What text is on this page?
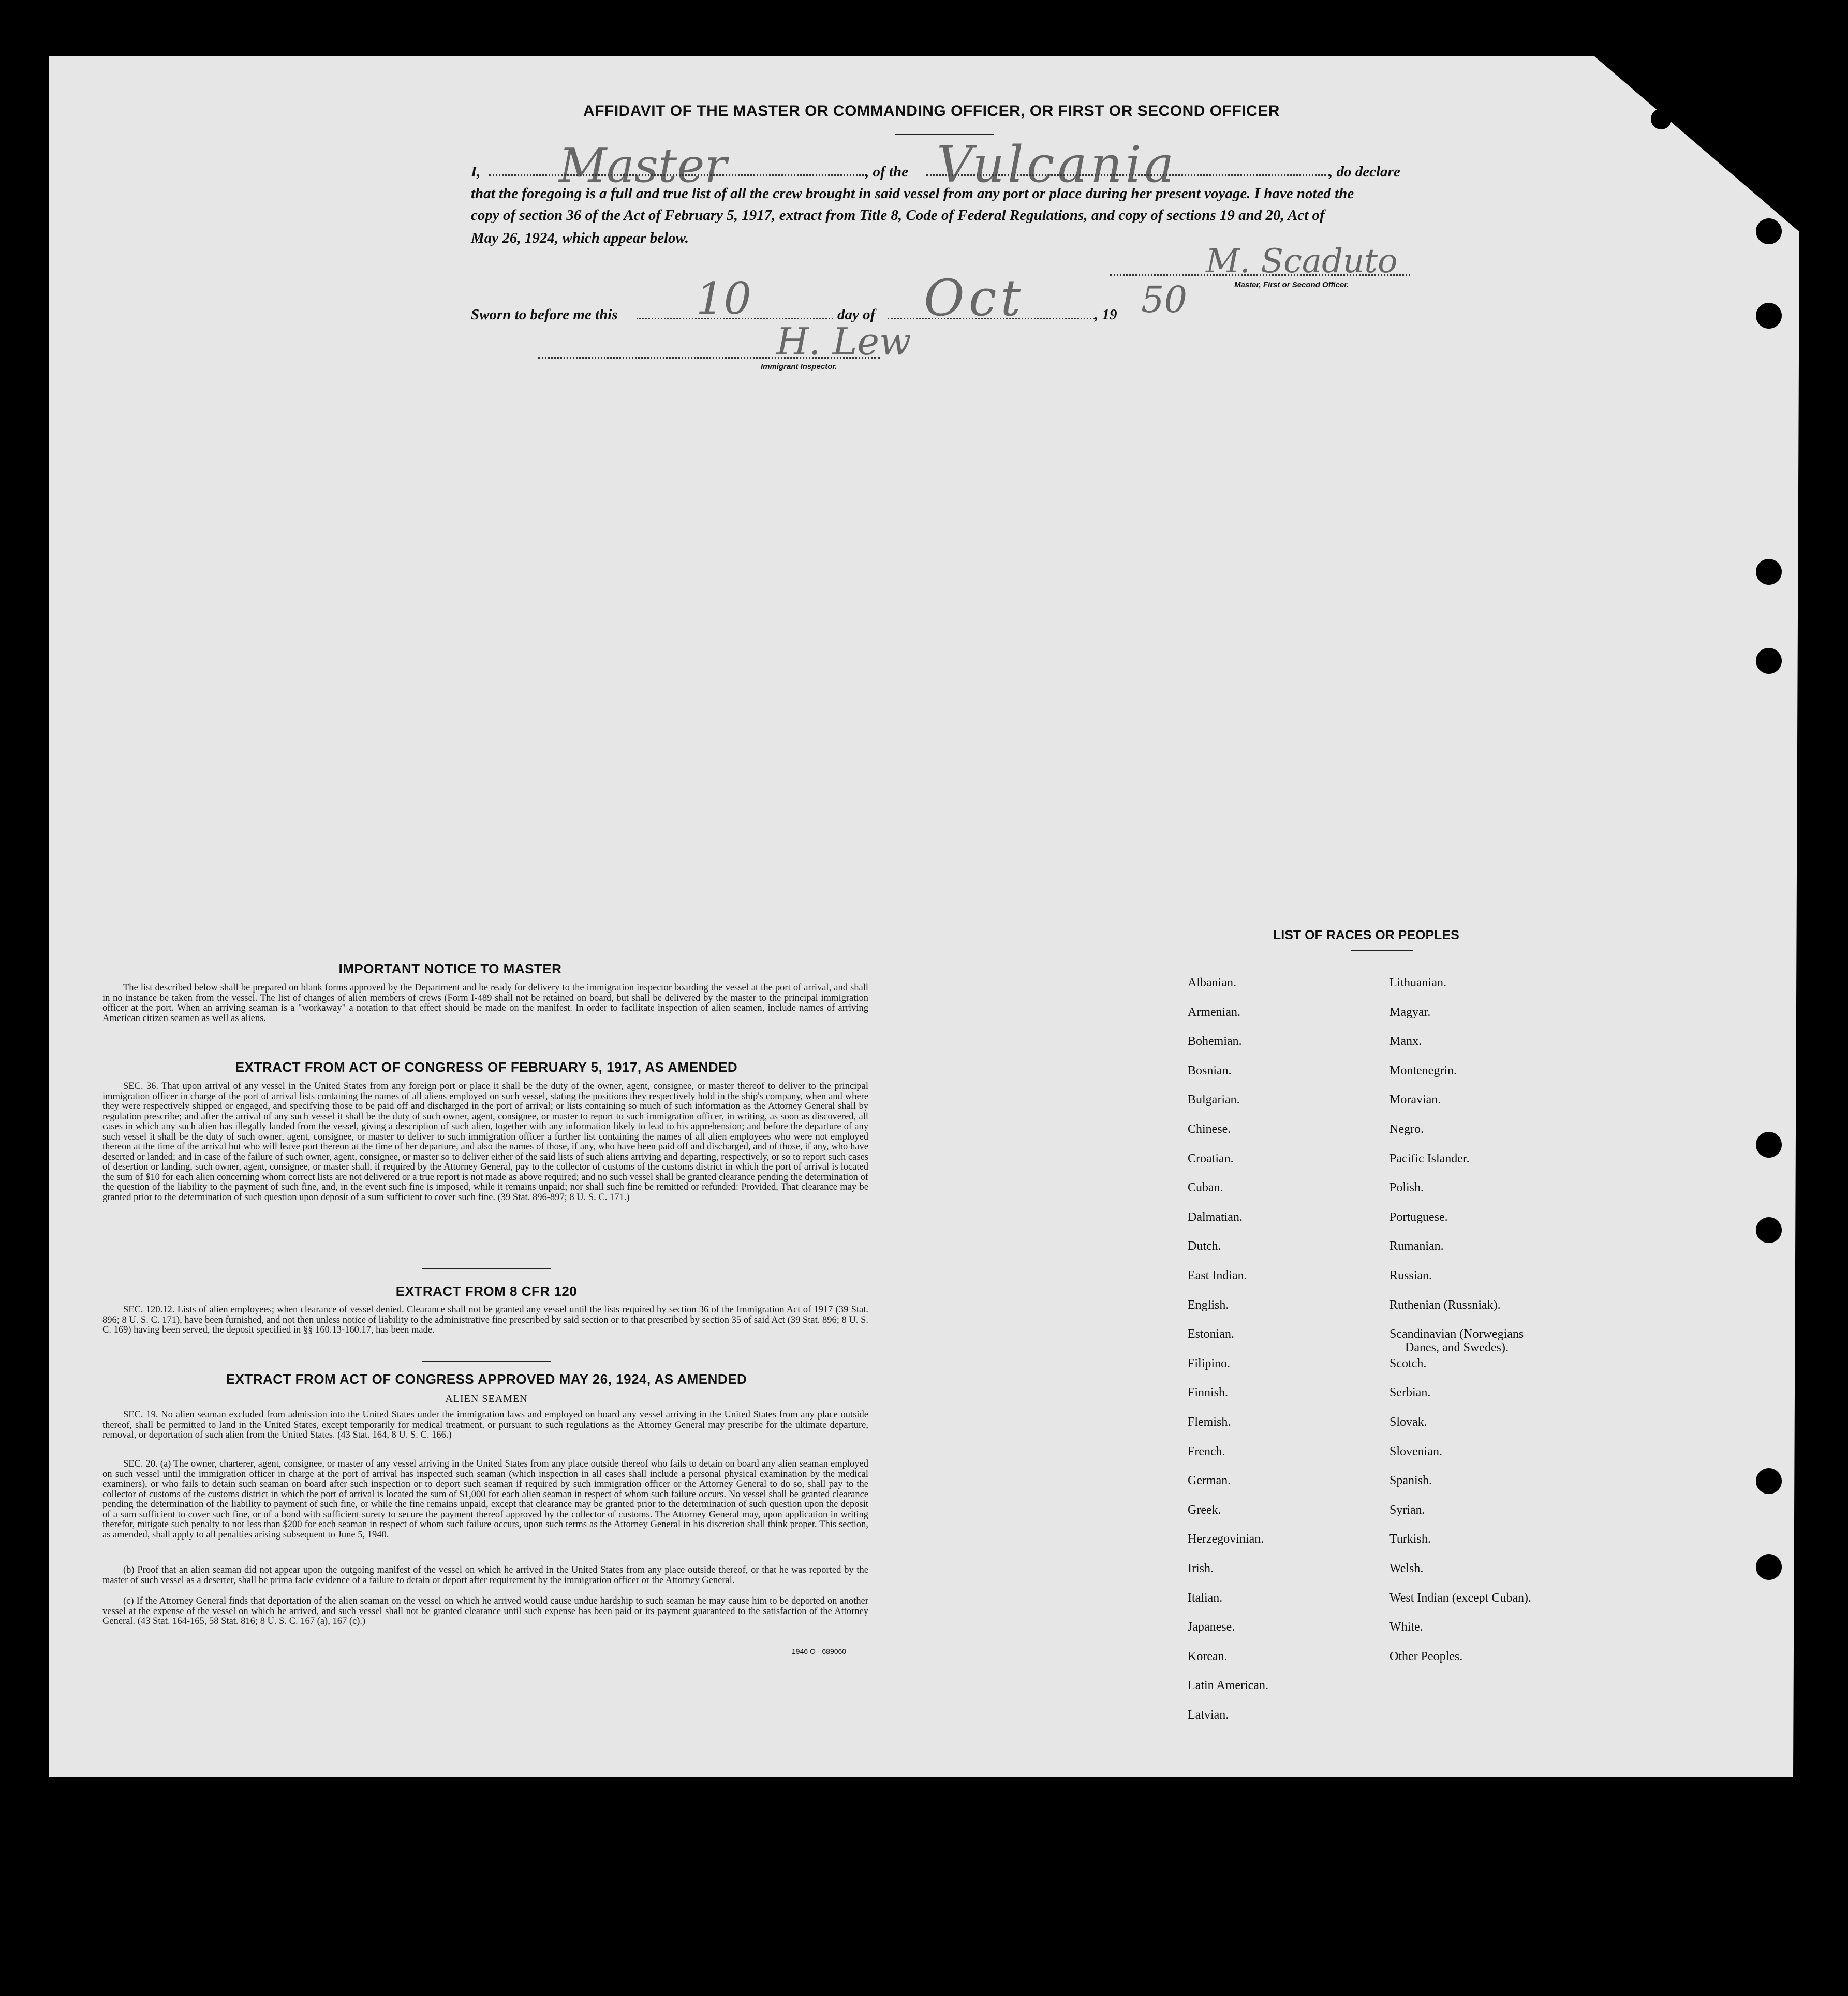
AFFIDAVIT OF THE MASTER OR COMMANDING OFFICER, OR FIRST OR SECOND OFFICER
I, Master	, of the Vulcania	, do declare
that the foregoing is a full and true list of all the crew brought in said vessel from any port or place during her present voyage. I have noted the
copy of section 36 of the Act of February 5, 1917, extract from Title 8, Code of Federal Regulations, and copy of sections 19 and 20, Act of
May 26, 1924, which appear below.
M. Scaduto
Master, First or Second Officer.
Sworn to before me this 10	day of Oct	, 19 50
H. Lew
Immigrant Inspector.
IMPORTANT NOTICE TO MASTER
The list described below shall be prepared on blank forms approved by the Department and be ready for delivery to the immigration inspector boarding the vessel at the port of arrival, and shall in no instance be taken from the vessel. The list of changes of alien members of crews (Form I-489 shall not be retained on board, but shall be delivered by the master to the principal immigration officer at the port. When an arriving seaman is a "workaway" a notation to that effect should be made on the manifest. In order to facilitate inspection of alien seamen, include names of arriving American citizen seamen as well as aliens.
EXTRACT FROM ACT OF CONGRESS OF FEBRUARY 5, 1917, AS AMENDED
SEC. 36. That upon arrival of any vessel in the United States from any foreign port or place it shall be the duty of the owner, agent, consignee, or master thereof to deliver to the principal immigration officer in charge of the port of arrival lists containing the names of all aliens employed on such vessel, stating the positions they respectively hold in the ship's company, when and where they were respectively shipped or engaged, and specifying those to be paid off and discharged in the port of arrival; or lists containing so much of such information as the Attorney General shall by regulation prescribe; and after the arrival of any such vessel it shall be the duty of such owner, agent, consignee, or master to report to such immigration officer, in writing, as soon as discovered, all cases in which any such alien has illegally landed from the vessel, giving a description of such alien, together with any information likely to lead to his apprehension; and before the departure of any such vessel it shall be the duty of such owner, agent, consignee, or master to deliver to such immigration officer a further list containing the names of all alien employees who were not employed thereon at the time of the arrival but who will leave port thereon at the time of her departure, and also the names of those, if any, who have been paid off and discharged, and of those, if any, who have deserted or landed; and in case of the failure of such owner, agent, consignee, or master so to deliver either of the said lists of such aliens arriving and departing, respectively, or so to report such cases of desertion or landing, such owner, agent, consignee, or master shall, if required by the Attorney General, pay to the collector of customs of the customs district in which the port of arrival is located the sum of $10 for each alien concerning whom correct lists are not delivered or a true report is not made as above required; and no such vessel shall be granted clearance pending the determination of the question of the liability to the payment of such fine, and, in the event such fine is imposed, while it remains unpaid; nor shall such fine be remitted or refunded: Provided, That clearance may be granted prior to the determination of such question upon deposit of a sum sufficient to cover such fine. (39 Stat. 896-897; 8 U. S. C. 171.)
EXTRACT FROM 8 CFR 120
SEC. 120.12. Lists of alien employees; when clearance of vessel denied. Clearance shall not be granted any vessel until the lists required by section 36 of the Immigration Act of 1917 (39 Stat. 896; 8 U. S. C. 171), have been furnished, and not then unless notice of liability to the administrative fine prescribed by said section or to that prescribed by section 35 of said Act (39 Stat. 896; 8 U. S. C. 169) having been served, the deposit specified in §§ 160.13-160.17, has been made.
EXTRACT FROM ACT OF CONGRESS APPROVED MAY 26, 1924, AS AMENDED
ALIEN SEAMEN
SEC. 19. No alien seaman excluded from admission into the United States under the immigration laws and employed on board any vessel arriving in the United States from any place outside thereof, shall be permitted to land in the United States, except temporarily for medical treatment, or pursuant to such regulations as the Attorney General may prescribe for the ultimate departure, removal, or deportation of such alien from the United States. (43 Stat. 164, 8 U. S. C. 166.)
SEC. 20. (a) The owner, charterer, agent, consignee, or master of any vessel arriving in the United States from any place outside thereof who fails to detain on board any alien seaman employed on such vessel until the immigration officer in charge at the port of arrival has inspected such seaman (which inspection in all cases shall include a personal physical examination by the medical examiners), or who fails to detain such seaman on board after such inspection or to deport such seaman if required by such immigration officer or the Attorney General to do so, shall pay to the collector of customs of the customs district in which the port of arrival is located the sum of $1,000 for each alien seaman in respect of whom such failure occurs. No vessel shall be granted clearance pending the determination of the liability to payment of such fine, or while the fine remains unpaid, except that clearance may be granted prior to the determination of such question upon the deposit of a sum sufficient to cover such fine, or of a bond with sufficient surety to secure the payment thereof approved by the collector of customs. The Attorney General may, upon application in writing therefor, mitigate such penalty to not less than $200 for each seaman in respect of whom such failure occurs, upon such terms as the Attorney General in his discretion shall think proper. This section, as amended, shall apply to all penalties arising subsequent to June 5, 1940.
(b) Proof that an alien seaman did not appear upon the outgoing manifest of the vessel on which he arrived in the United States from any place outside thereof, or that he was reported by the master of such vessel as a deserter, shall be prima facie evidence of a failure to detain or deport after requirement by the immigration officer or the Attorney General.
(c) If the Attorney General finds that deportation of the alien seaman on the vessel on which he arrived would cause undue hardship to such seaman he may cause him to be deported on another vessel at the expense of the vessel on which he arrived, and such vessel shall not be granted clearance until such expense has been paid or its payment guaranteed to the satisfaction of the Attorney General. (43 Stat. 164-165, 58 Stat. 816; 8 U. S. C. 167 (a), 167 (c).)
1946 O - 689060
LIST OF RACES OR PEOPLES
Albanian.
Armenian.
Bohemian.
Bosnian.
Bulgarian.
Chinese.
Croatian.
Cuban.
Dalmatian.
Dutch.
East Indian.
English.
Estonian.
Filipino.
Finnish.
Flemish.
French.
German.
Greek.
Herzegovinian.
Irish.
Italian.
Japanese.
Korean.
Latin American.
Latvian.
Lithuanian.
Magyar.
Manx.
Montenegrin.
Moravian.
Negro.
Pacific Islander.
Polish.
Portuguese.
Rumanian.
Russian.
Ruthenian (Russniak).
Scandinavian (Norwegians
Danes, and Swedes).
Scotch.
Serbian.
Slovak.
Slovenian.
Spanish.
Syrian.
Turkish.
Welsh.
West Indian (except Cuban).
White.
Other Peoples.
